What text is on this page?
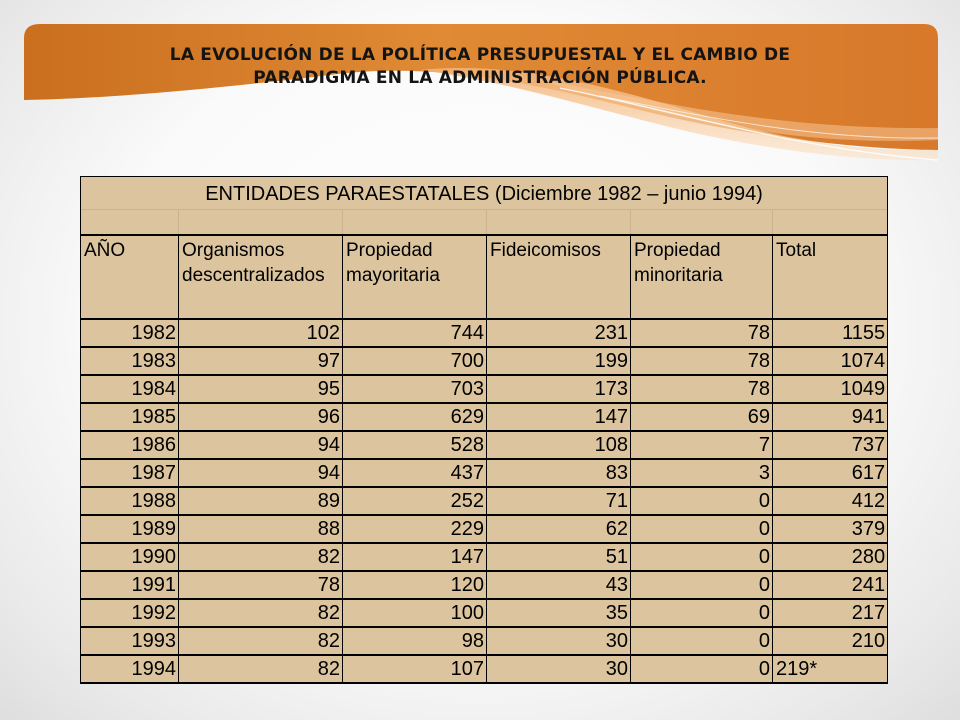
LA EVOLUCIÓN DE LA POLÍTICA PRESUPUESTAL Y EL CAMBIO DE
PARADIGMA EN LA ADMINISTRACIÓN PÚBLICA.
ENTIDADES PARAESTATALES (Diciembre 1982 – junio 1994)					

AÑO	Organismos descentralizados	Propiedad mayoritaria	Fideicomisos	Propiedad minoritaria	Total
1982	102	744	231	78	1155
1983	97	700	199	78	1074
1984	95	703	173	78	1049
1985	96	629	147	69	941
1986	94	528	108	7	737
1987	94	437	83	3	617
1988	89	252	71	0	412
1989	88	229	62	0	379
1990	82	147	51	0	280
1991	78	120	43	0	241
1992	82	100	35	0	217
1993	82	98	30	0	210
1994	82	107	30	0	219*
